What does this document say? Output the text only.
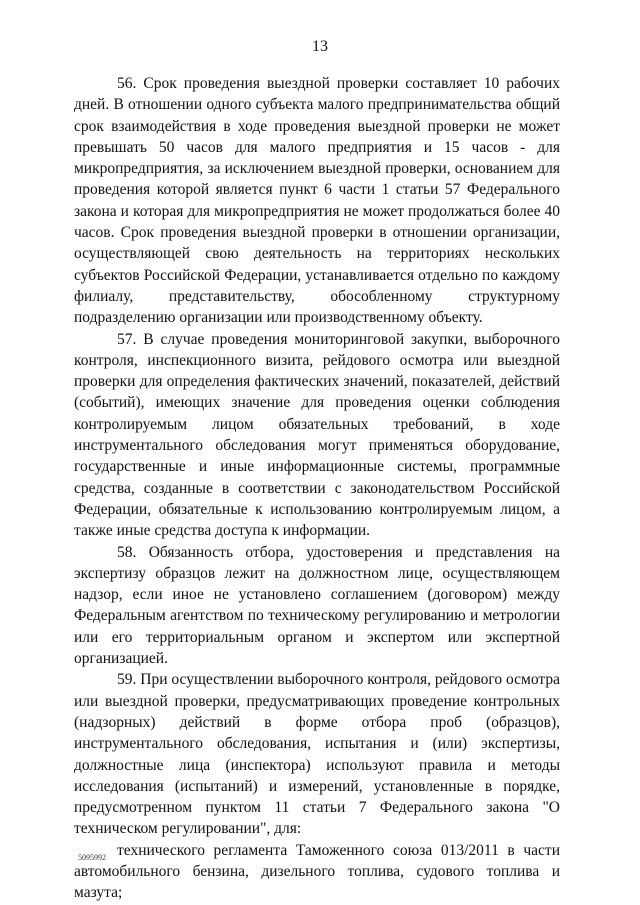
13

56. Срок проведения выездной проверки составляет 10 рабочих дней. В отношении одного субъекта малого предпринимательства общий срок взаимодействия в ходе проведения выездной проверки не может превышать 50 часов для малого предприятия и 15 часов - для микропредприятия, за исключением выездной проверки, основанием для проведения которой является пункт 6 части 1 статьи 57 Федерального закона и которая для микропредприятия не может продолжаться более 40 часов. Срок проведения выездной проверки в отношении организации, осуществляющей свою деятельность на территориях нескольких субъектов Российской Федерации, устанавливается отдельно по каждому филиалу, представительству, обособленному структурному подразделению организации или производственному объекту.

57. В случае проведения мониторинговой закупки, выборочного контроля, инспекционного визита, рейдового осмотра или выездной проверки для определения фактических значений, показателей, действий (событий), имеющих значение для проведения оценки соблюдения контролируемым лицом обязательных требований, в ходе инструментального обследования могут применяться оборудование, государственные и иные информационные системы, программные средства, созданные в соответствии с законодательством Российской Федерации, обязательные к использованию контролируемым лицом, а также иные средства доступа к информации.

58. Обязанность отбора, удостоверения и представления на экспертизу образцов лежит на должностном лице, осуществляющем надзор, если иное не установлено соглашением (договором) между Федеральным агентством по техническому регулированию и метрологии или его территориальным органом и экспертом или экспертной организацией.

59. При осуществлении выборочного контроля, рейдового осмотра или выездной проверки, предусматривающих проведение контрольных (надзорных) действий в форме отбора проб (образцов), инструментального обследования, испытания и (или) экспертизы, должностные лица (инспектора) используют правила и методы исследования (испытаний) и измерений, установленные в порядке, предусмотренном пунктом 11 статьи 7 Федерального закона "О техническом регулировании", для:

технического регламента Таможенного союза 013/2011 в части автомобильного бензина, дизельного топлива, судового топлива и мазута;

5095992
